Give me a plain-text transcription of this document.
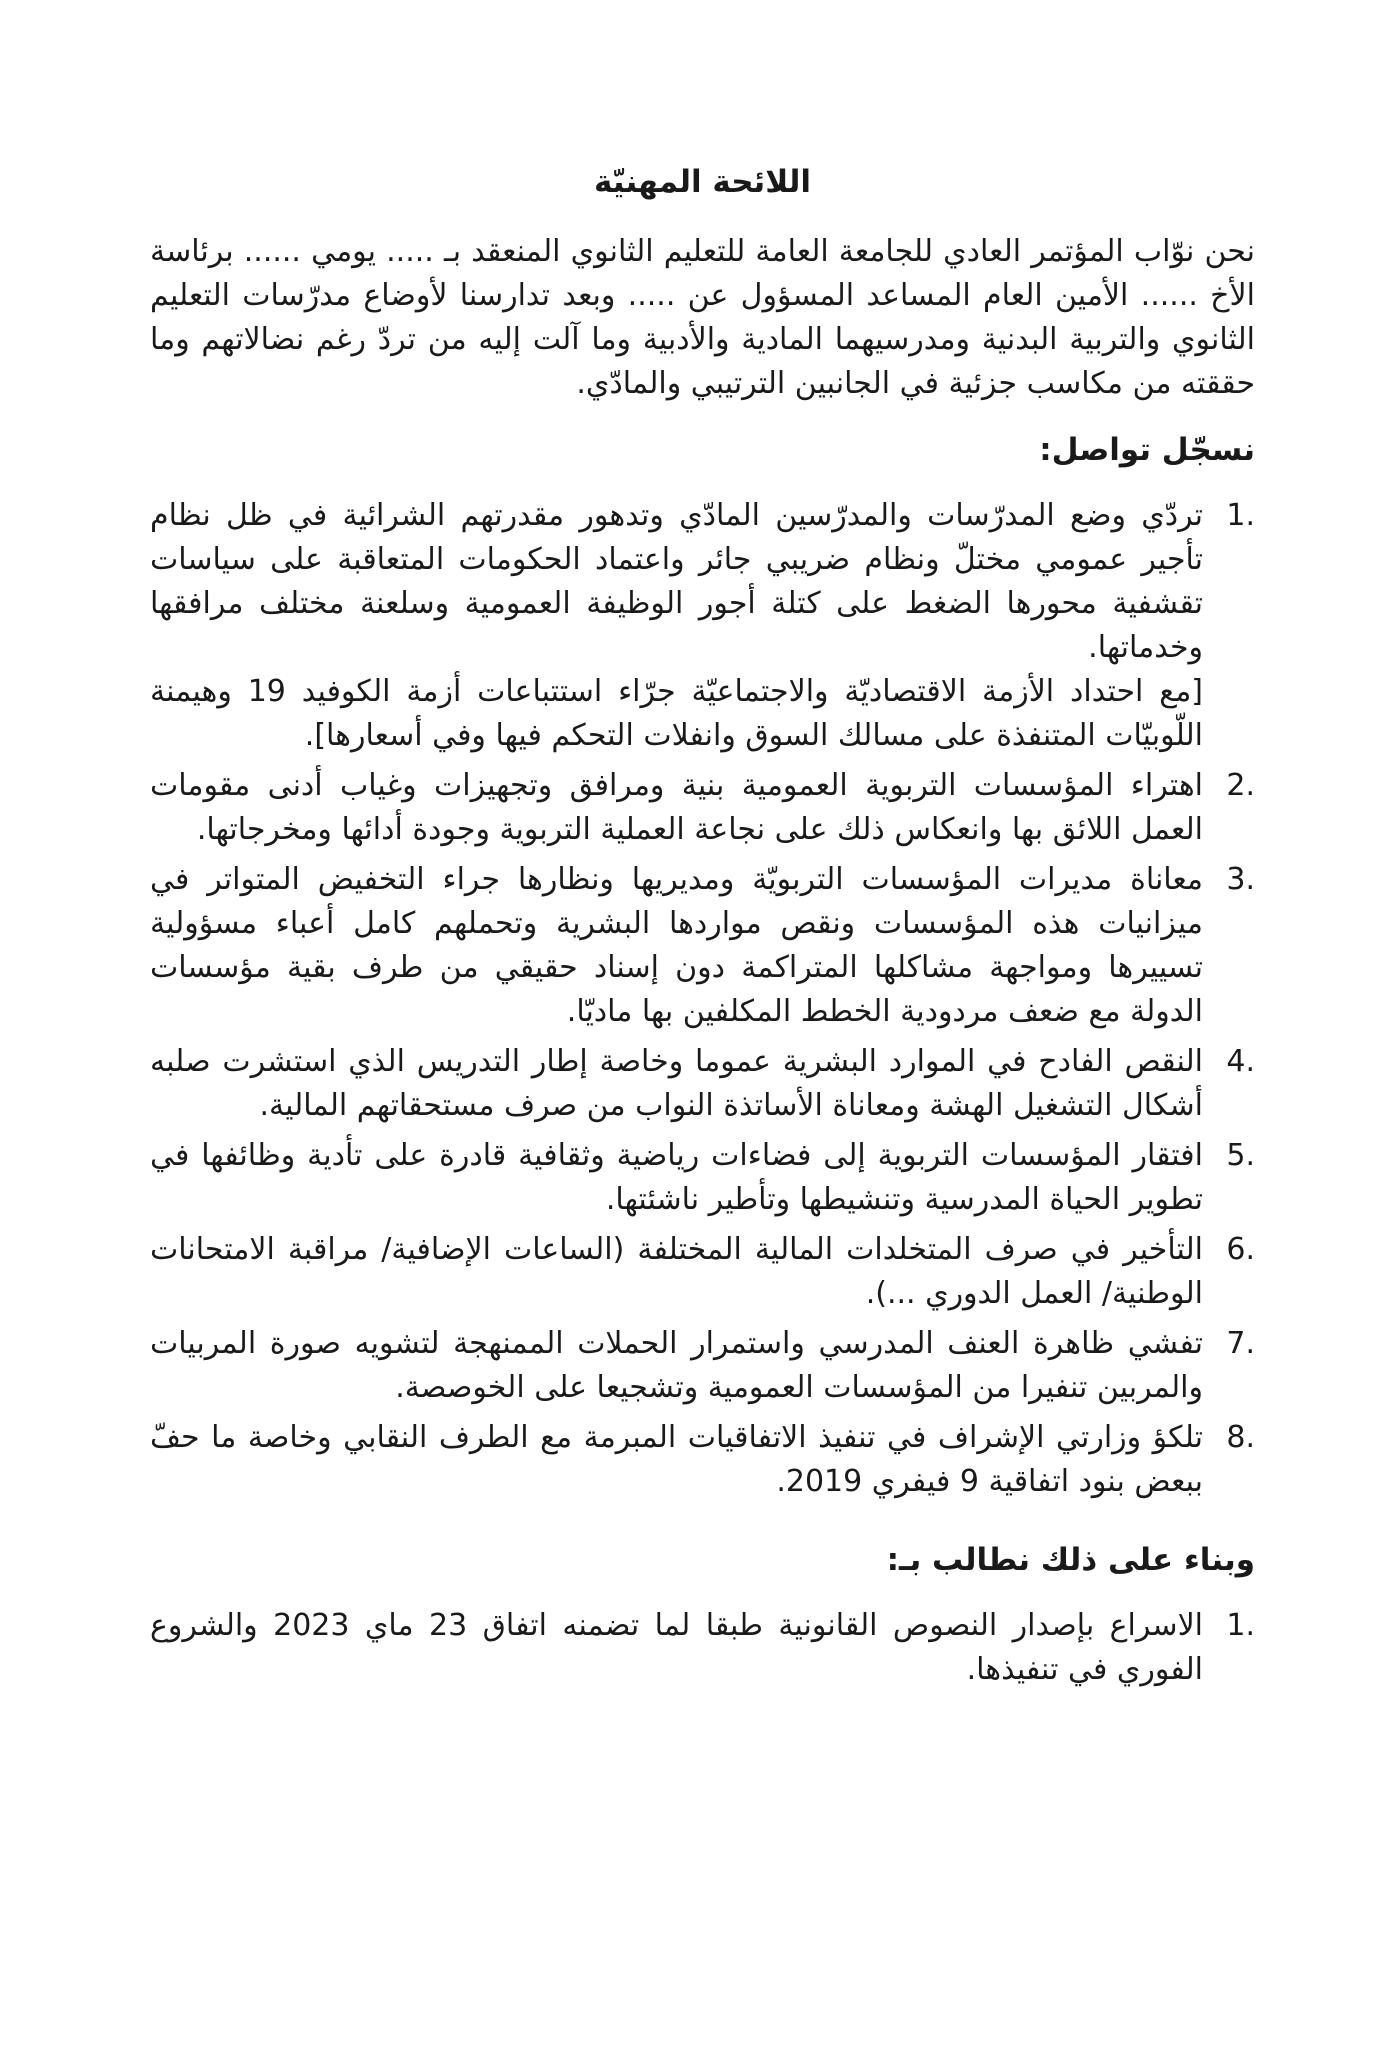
اللائحة المهنيّة

نحن نوّاب المؤتمر العادي للجامعة العامة للتعليم الثانوي المنعقد بـ ..... يومي ...... برئاسة الأخ ...... الأمين العام المساعد المسؤول عن ..... وبعد تدارسنا لأوضاع مدرّسات التعليم الثانوي والتربية البدنية ومدرسيهما المادية والأدبية وما آلت إليه من تردّ رغم نضالاتهم وما حققته من مكاسب جزئية في الجانبين الترتيبي والمادّي.

نسجّل تواصل:
1.

تردّي وضع المدرّسات والمدرّسين المادّي وتدهور مقدرتهم الشرائية في ظل نظام تأجير عمومي مختلّ ونظام ضريبي جائر واعتماد الحكومات المتعاقبة على سياسات تقشفية محورها الضغط على كتلة أجور الوظيفة العمومية وسلعنة مختلف مرافقها وخدماتها.

[مع احتداد الأزمة الاقتصاديّة والاجتماعيّة جرّاء استتباعات أزمة الكوفيد 19 وهيمنة اللّوبيّات المتنفذة على مسالك السوق وانفلات التحكم فيها وفي أسعارها].

2.

اهتراء المؤسسات التربوية العمومية بنية ومرافق وتجهيزات وغياب أدنى مقومات العمل اللائق بها وانعكاس ذلك على نجاعة العملية التربوية وجودة أدائها ومخرجاتها.

3.

معاناة مديرات المؤسسات التربويّة ومديريها ونظارها جراء التخفيض المتواتر في ميزانيات هذه المؤسسات ونقص مواردها البشرية وتحملهم كامل أعباء مسؤولية تسييرها ومواجهة مشاكلها المتراكمة دون إسناد حقيقي من طرف بقية مؤسسات الدولة مع ضعف مردودية الخطط المكلفين بها ماديّا.

4.

النقص الفادح في الموارد البشرية عموما وخاصة إطار التدريس الذي استشرت صلبه أشكال التشغيل الهشة ومعاناة الأساتذة النواب من صرف مستحقاتهم المالية.

5.

افتقار المؤسسات التربوية إلى فضاءات رياضية وثقافية قادرة على تأدية وظائفها في تطوير الحياة المدرسية وتنشيطها وتأطير ناشئتها.

6.

التأخير في صرف المتخلدات المالية المختلفة (الساعات الإضافية/ مراقبة الامتحانات الوطنية/ العمل الدوري ...).

7.

تفشي ظاهرة العنف المدرسي واستمرار الحملات الممنهجة لتشويه صورة المربيات والمربين تنفيرا من المؤسسات العمومية وتشجيعا على الخوصصة.

8.

تلكؤ وزارتي الإشراف في تنفيذ الاتفاقيات المبرمة مع الطرف النقابي وخاصة ما حفّ ببعض بنود اتفاقية 9 فيفري 2019.

وبناء على ذلك نطالب بـ:
1.

الاسراع بإصدار النصوص القانونية طبقا لما تضمنه اتفاق 23 ماي 2023 والشروع الفوري في تنفيذها.
